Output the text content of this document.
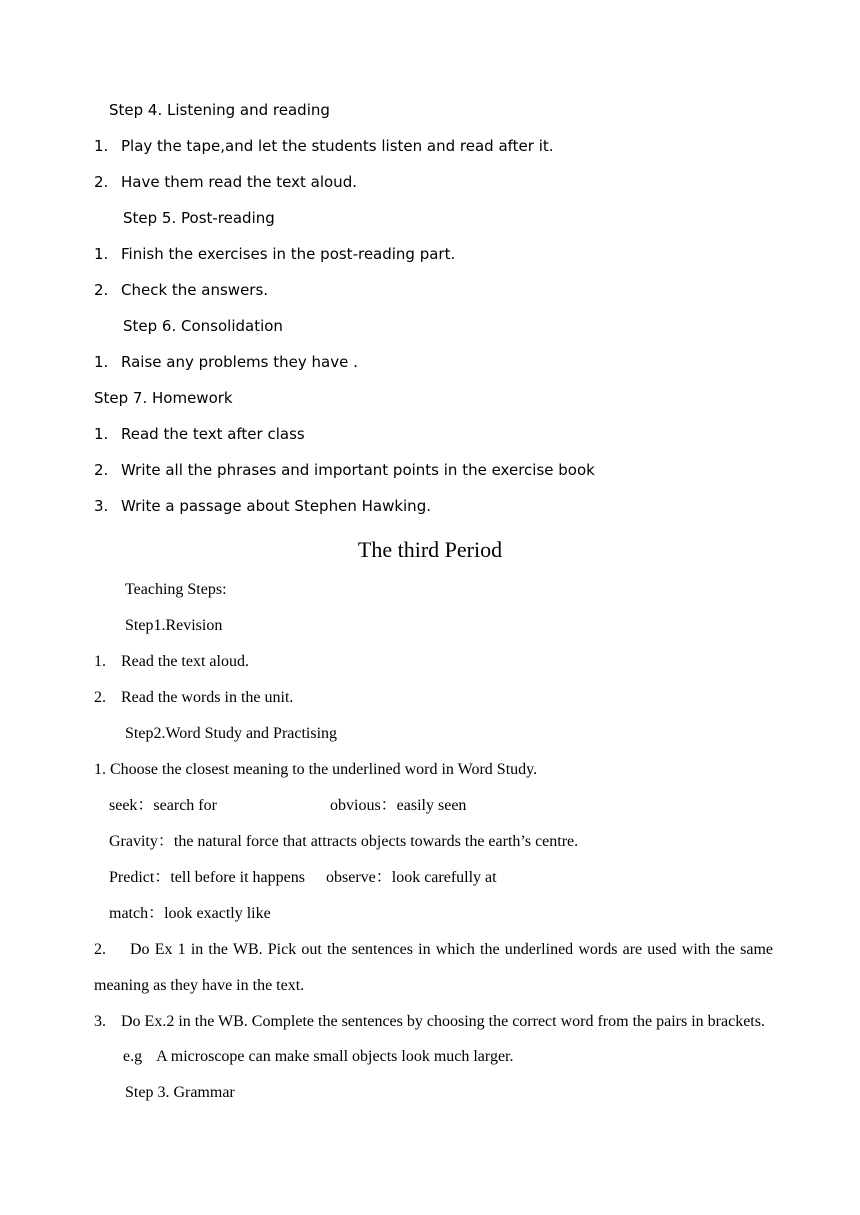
Step 4. Listening and reading
1. Play the tape,and let the students listen and read after it.
2. Have them read the text aloud.
Step 5. Post-reading
1. Finish the exercises in the post-reading part.
2. Check the answers.
Step 6. Consolidation
1. Raise any problems they have .
Step 7. Homework
1. Read the text after class
2. Write all the phrases and important points in the exercise book
3. Write a passage about Stephen Hawking.
The third Period
Teaching Steps:
Step1.Revision
1. Read the text aloud.
2. Read the words in the unit.
Step2.Word Study and Practising
1. Choose the closest meaning to the underlined word in Word Study.
seek：search for	obvious：easily seen
Gravity：the natural force that attracts objects towards the earth’s centre.
Predict：tell before it happens observe：look carefully at
match：look exactly like
2. Do Ex 1 in the WB. Pick out the sentences in which the underlined words are used with the same
meaning as they have in the text.
3. Do Ex.2 in the WB. Complete the sentences by choosing the correct word from the pairs in brackets.
e.g A microscope can make small objects look much larger.
Step 3. Grammar
